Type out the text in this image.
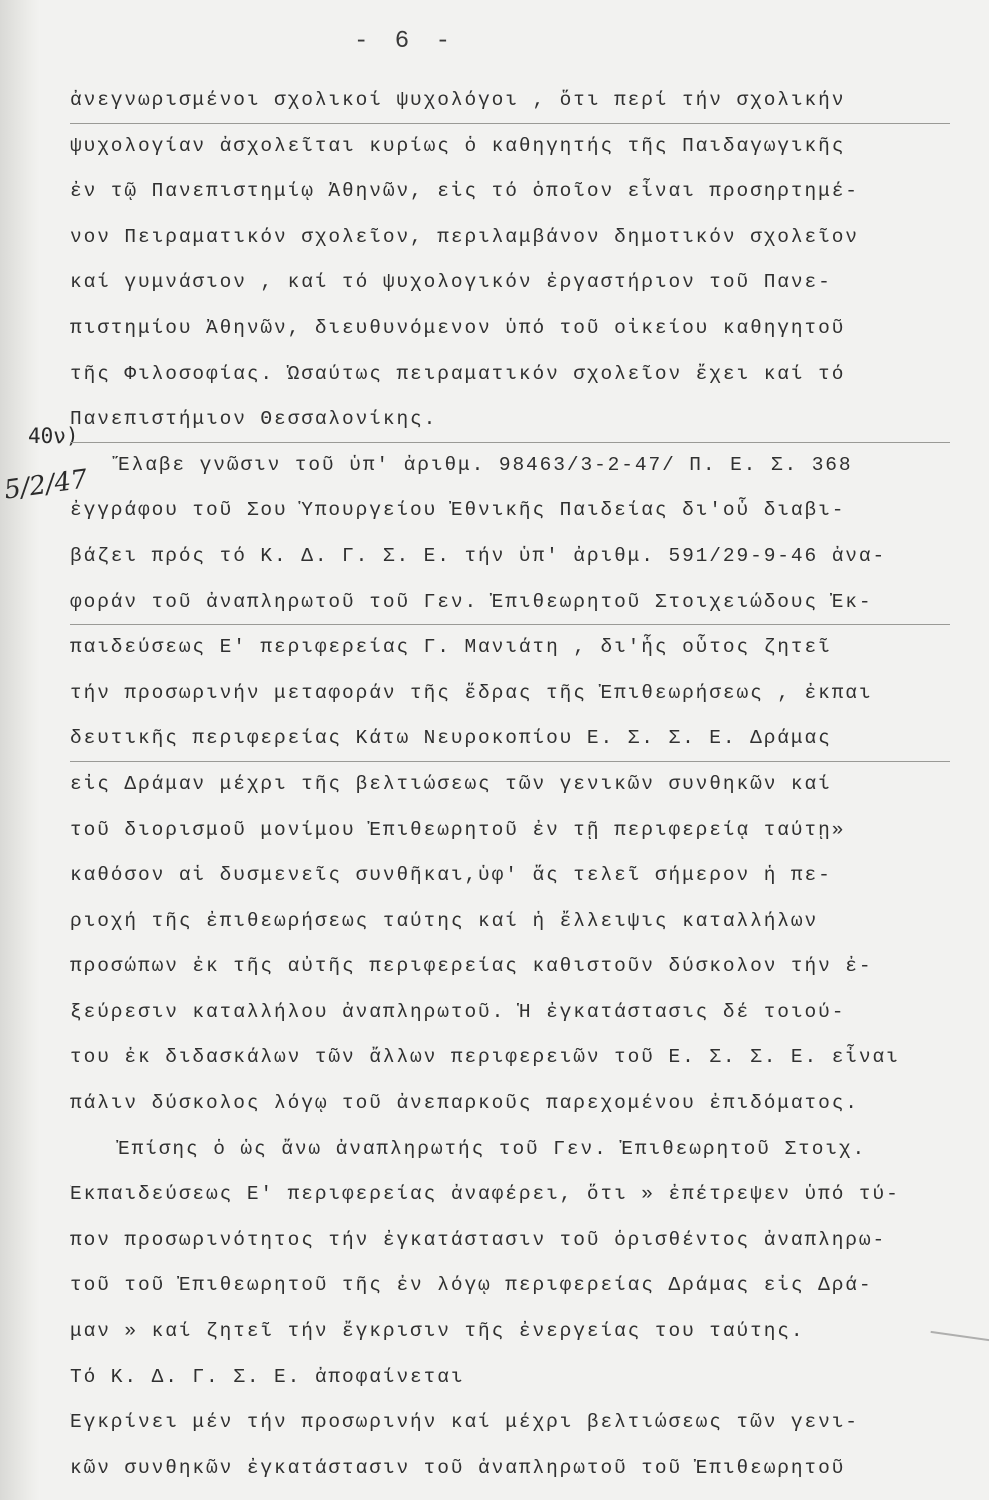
- 6 -
40ν)
5/2/47
ἀνεγνωρισμένοι σχολικοί ψυχολόγοι , ὅτι περί τήν σχολικήν
ψυχολογίαν ἀσχολεῖται κυρίως ὁ καθηγητής τῆς Παιδαγωγικῆς
ἐν τῷ Πανεπιστημίῳ Ἀθηνῶν, εἰς τό ὁποῖον εἶναι προσηρτημέ-
νον Πειραματικόν σχολεῖον, περιλαμβάνον δημοτικόν σχολεῖον
καί γυμνάσιον , καί τό ψυχολογικόν ἐργαστήριον τοῦ Πανε-
πιστημίου Ἀθηνῶν, διευθυνόμενον ὑπό τοῦ οἰκείου καθηγητοῦ
τῆς Φιλοσοφίας. Ὡσαύτως πειραματικόν σχολεῖον ἔχει καί τό
Πανεπιστήμιον Θεσσαλονίκης.
Ἔλαβε γνῶσιν τοῦ ὑπ' ἀριθμ. 98463/3-2-47/ Π. Ε. Σ. 368
ἐγγράφου τοῦ Σου Ὑπουργείου Ἐθνικῆς Παιδείας δι'οὗ διαβι-
βάζει πρός τό Κ. Δ. Γ. Σ. Ε. τήν ὑπ' ἀριθμ. 591/29-9-46 ἀνα-
φοράν τοῦ ἀναπληρωτοῦ τοῦ Γεν. Ἐπιθεωρητοῦ Στοιχειώδους Ἐκ-
παιδεύσεως Ε' περιφερείας Γ. Μανιάτη , δι'ἧς οὗτος ζητεῖ
τήν προσωρινήν μεταφοράν τῆς ἕδρας τῆς Ἐπιθεωρήσεως , ἐκπαι
δευτικῆς περιφερείας Κάτω Νευροκοπίου Ε. Σ. Σ. Ε. Δράμας
εἰς Δράμαν μέχρι τῆς βελτιώσεως τῶν γενικῶν συνθηκῶν καί
τοῦ διορισμοῦ μονίμου Ἐπιθεωρητοῦ ἐν τῇ περιφερείᾳ ταύτῃ»
καθόσον αἱ δυσμενεῖς συνθῆκαι,ὑφ' ἅς τελεῖ σήμερον ἡ πε-
ριοχή τῆς ἐπιθεωρήσεως ταύτης καί ἡ ἔλλειψις καταλλήλων
προσώπων ἐκ τῆς αὐτῆς περιφερείας καθιστοῦν δύσκολον τήν ἐ-
ξεύρεσιν καταλλήλου ἀναπληρωτοῦ. Ἡ ἐγκατάστασις δέ τοιού-
του ἐκ διδασκάλων τῶν ἄλλων περιφερειῶν τοῦ Ε. Σ. Σ. Ε. εἶναι
πάλιν δύσκολος λόγῳ τοῦ ἀνεπαρκοῦς παρεχομένου ἐπιδόματος.
Ἐπίσης ὁ ὡς ἄνω ἀναπληρωτής τοῦ Γεν. Ἐπιθεωρητοῦ Στοιχ.
Ἐκπαιδεύσεως Ε' περιφερείας ἀναφέρει, ὅτι » ἐπέτρεψεν ὑπό τύ-
πον προσωρινότητος τήν ἐγκατάστασιν τοῦ ὁρισθέντος ἀναπληρω-
τοῦ τοῦ Ἐπιθεωρητοῦ τῆς ἐν λόγῳ περιφερείας Δράμας εἰς Δρά-
μαν » καί ζητεῖ τήν ἔγκρισιν τῆς ἐνεργείας του ταύτης.
Τό Κ. Δ. Γ. Σ. Ε. ἀποφαίνεται
Ἐγκρίνει μέν τήν προσωρινήν καί μέχρι βελτιώσεως τῶν γενι-
κῶν συνθηκῶν ἐγκατάστασιν τοῦ ἀναπληρωτοῦ τοῦ Ἐπιθεωρητοῦ
